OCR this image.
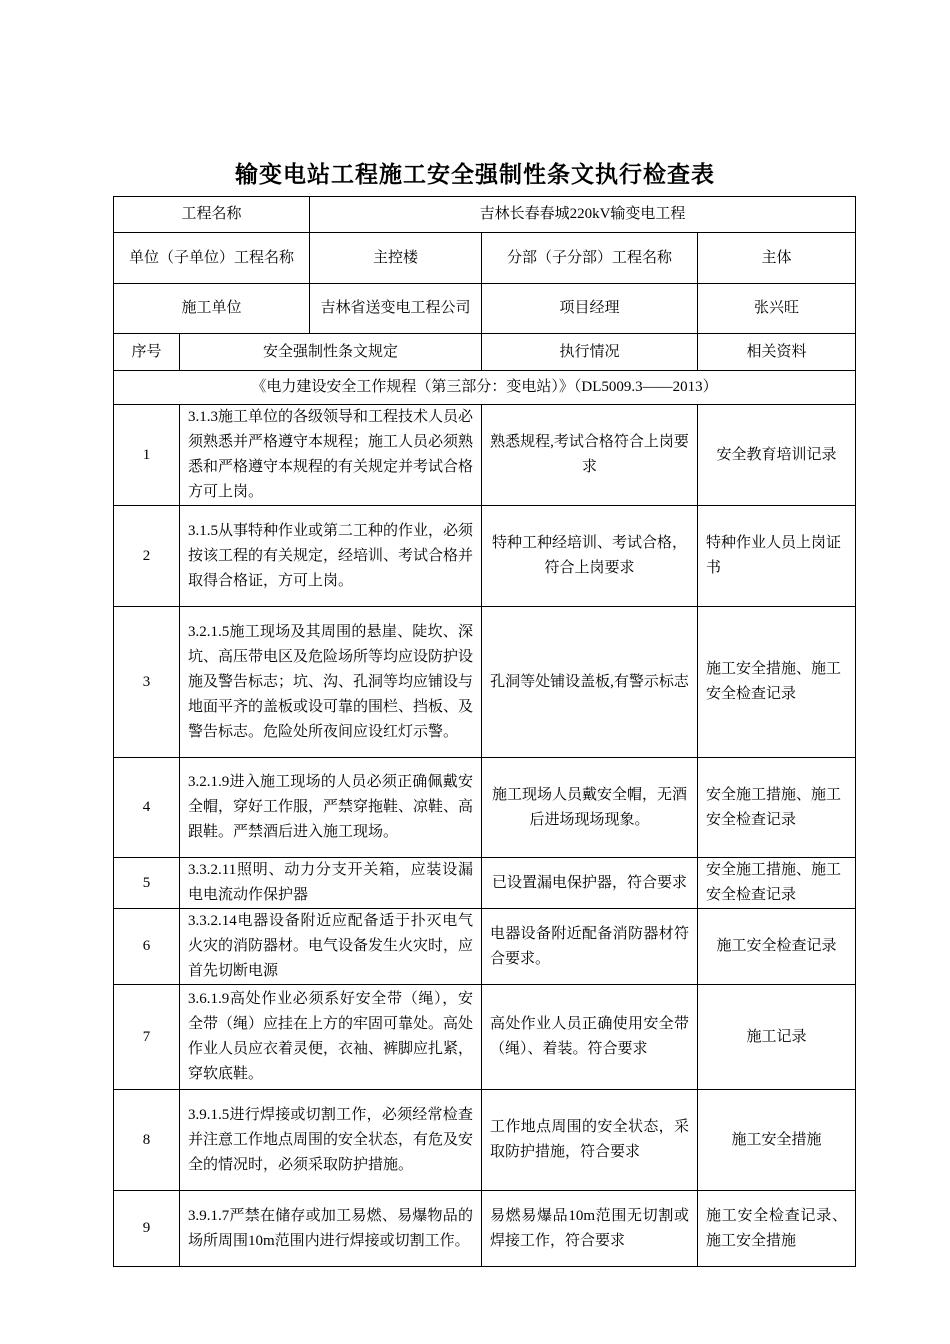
输变电站工程施工安全强制性条文执行检查表
工程名称		吉林长春春城220kV输变电工程		
单位（子单位）工程名称		主控楼	分部（子分部）工程名称	主体
施工单位		吉林省送变电工程公司	项目经理	张兴旺
序号	安全强制性条文规定		执行情况	相关资料
《电力建设安全工作规程（第三部分：变电站）》（DL5009.3——2013）				
1	3.1.3施工单位的各级领导和工程技术人员必须熟悉并严格遵守本规程；施工人员必须熟悉和严格遵守本规程的有关规定并考试合格方可上岗。		熟悉规程,考试合格符合上岗要求	安全教育培训记录
2	3.1.5从事特种作业或第二工种的作业，必须按该工程的有关规定，经培训、考试合格并取得合格证，方可上岗。		特种工种经培训、考试合格，符合上岗要求	特种作业人员上岗证书
3	3.2.1.5施工现场及其周围的悬崖、陡坎、深坑、高压带电区及危险场所等均应设防护设施及警告标志；坑、沟、孔洞等均应铺设与地面平齐的盖板或设可靠的围栏、挡板、及警告标志。危险处所夜间应设红灯示警。		孔洞等处铺设盖板,有警示标志	施工安全措施、施工安全检查记录
4	3.2.1.9进入施工现场的人员必须正确佩戴安全帽，穿好工作服，严禁穿拖鞋、凉鞋、高跟鞋。严禁酒后进入施工现场。		施工现场人员戴安全帽，无酒后进场现场现象。	安全施工措施、施工安全检查记录
5	3.3.2.11照明、动力分支开关箱，应装设漏电电流动作保护器		已设置漏电保护器，符合要求	安全施工措施、施工安全检查记录
6	3.3.2.14电器设备附近应配备适于扑灭电气火灾的消防器材。电气设备发生火灾时，应首先切断电源		电器设备附近配备消防器材符合要求。	施工安全检查记录
7	3.6.1.9高处作业必须系好安全带（绳），安全带（绳）应挂在上方的牢固可靠处。高处作业人员应衣着灵便，衣袖、裤脚应扎紧，穿软底鞋。		高处作业人员正确使用安全带（绳）、着装。符合要求	施工记录
8	3.9.1.5进行焊接或切割工作，必须经常检查并注意工作地点周围的安全状态，有危及安全的情况时，必须采取防护措施。		工作地点周围的安全状态，采取防护措施，符合要求	施工安全措施
9	3.9.1.7严禁在储存或加工易燃、易爆物品的场所周围10m范围内进行焊接或切割工作。		易燃易爆品10m范围无切割或焊接工作，符合要求	施工安全检查记录、施工安全措施
